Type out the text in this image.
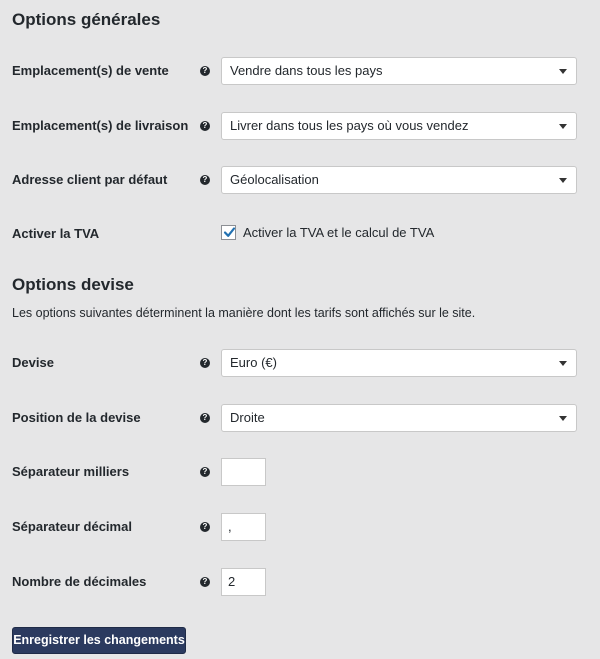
Options générales
Emplacement(s) de vente	?	Vendre dans tous les pays
Emplacement(s) de livraison	?	Livrer dans tous les pays où vous vendez
Adresse client par défaut	?	Géolocalisation
Activer la TVA	Activer la TVA et le calcul de TVA
Options devise
Les options suivantes déterminent la manière dont les tarifs sont affichés sur le site.
Devise	?	Euro (€)
Position de la devise	?	Droite
Séparateur milliers	?
Séparateur décimal	?	,
Nombre de décimales	?	2
Enregistrer les changements
